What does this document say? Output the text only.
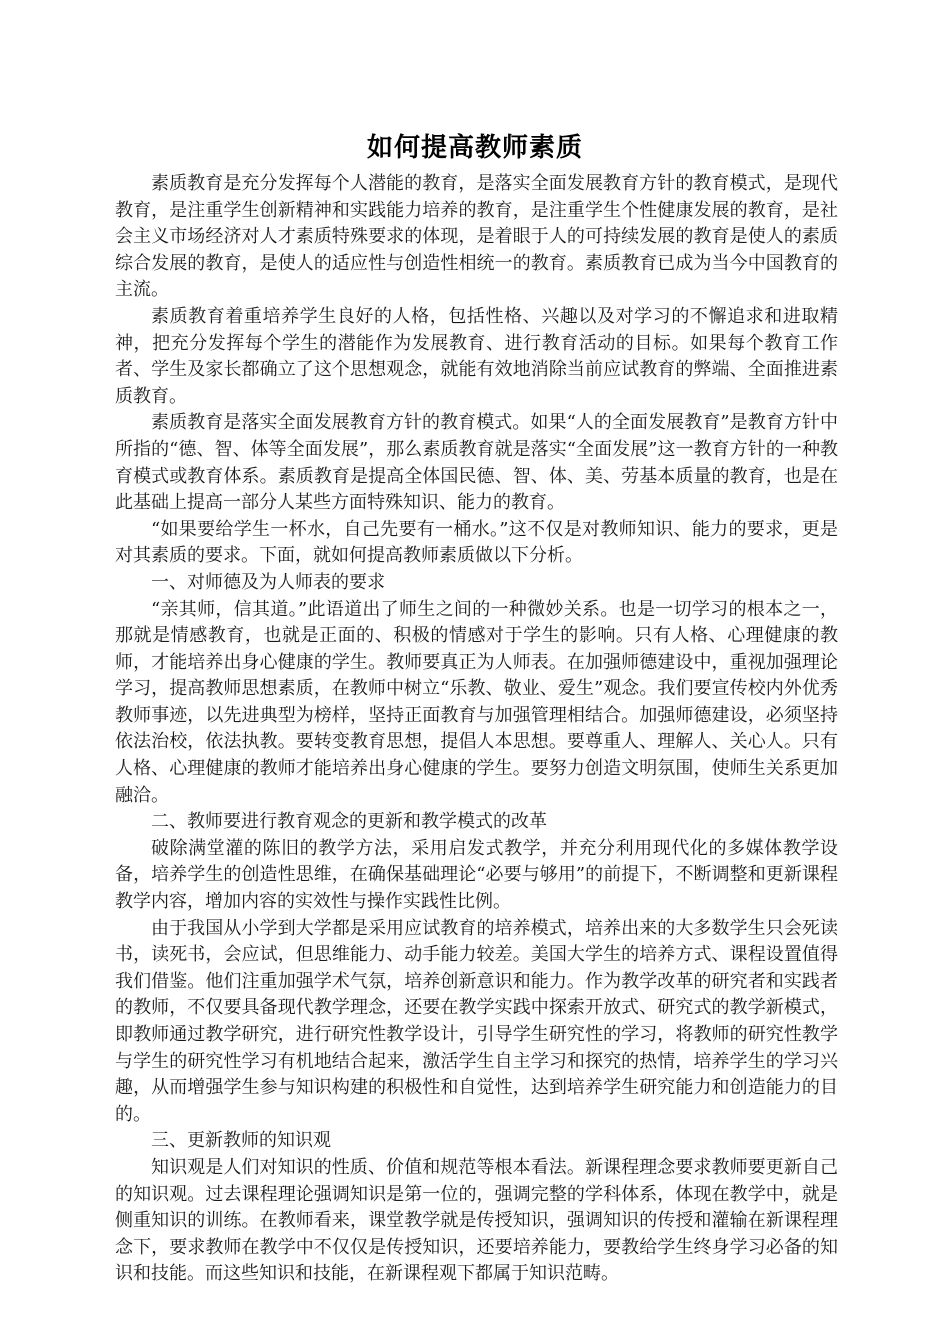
如何提高教师素质

素质教育是充分发挥每个人潜能的教育，是落实全面发展教育方针的教育模式，是现代教育，是注重学生创新精神和实践能力培养的教育，是注重学生个性健康发展的教育，是社会主义市场经济对人才素质特殊要求的体现，是着眼于人的可持续发展的教育是使人的素质综合发展的教育，是使人的适应性与创造性相统一的教育。素质教育已成为当今中国教育的主流。

素质教育着重培养学生良好的人格，包括性格、兴趣以及对学习的不懈追求和进取精神，把充分发挥每个学生的潜能作为发展教育、进行教育活动的目标。如果每个教育工作者、学生及家长都确立了这个思想观念，就能有效地消除当前应试教育的弊端、全面推进素质教育。

素质教育是落实全面发展教育方针的教育模式。如果“人的全面发展教育”是教育方针中所指的“德、智、体等全面发展”，那么素质教育就是落实“全面发展”这一教育方针的一种教育模式或教育体系。素质教育是提高全体国民德、智、体、美、劳基本质量的教育，也是在此基础上提高一部分人某些方面特殊知识、能力的教育。

“如果要给学生一杯水，自己先要有一桶水。”这不仅是对教师知识、能力的要求，更是对其素质的要求。下面，就如何提高教师素质做以下分析。

一、对师德及为人师表的要求

“亲其师，信其道。”此语道出了师生之间的一种微妙关系。也是一切学习的根本之一，那就是情感教育，也就是正面的、积极的情感对于学生的影响。只有人格、心理健康的教师，才能培养出身心健康的学生。教师要真正为人师表。在加强师德建设中，重视加强理论学习，提高教师思想素质，在教师中树立“乐教、敬业、爱生”观念。我们要宣传校内外优秀教师事迹，以先进典型为榜样，坚持正面教育与加强管理相结合。加强师德建设，必须坚持依法治校，依法执教。要转变教育思想，提倡人本思想。要尊重人、理解人、关心人。只有人格、心理健康的教师才能培养出身心健康的学生。要努力创造文明氛围，使师生关系更加融洽。

二、教师要进行教育观念的更新和教学模式的改革

破除满堂灌的陈旧的教学方法，采用启发式教学，并充分利用现代化的多媒体教学设备，培养学生的创造性思维，在确保基础理论“必要与够用”的前提下，不断调整和更新课程教学内容，增加内容的实效性与操作实践性比例。

由于我国从小学到大学都是采用应试教育的培养模式，培养出来的大多数学生只会死读书，读死书，会应试，但思维能力、动手能力较差。美国大学生的培养方式、课程设置值得我们借鉴。他们注重加强学术气氛，培养创新意识和能力。作为教学改革的研究者和实践者的教师，不仅要具备现代教学理念，还要在教学实践中探索开放式、研究式的教学新模式，即教师通过教学研究，进行研究性教学设计，引导学生研究性的学习，将教师的研究性教学与学生的研究性学习有机地结合起来，激活学生自主学习和探究的热情，培养学生的学习兴趣，从而增强学生参与知识构建的积极性和自觉性，达到培养学生研究能力和创造能力的目的。

三、更新教师的知识观

知识观是人们对知识的性质、价值和规范等根本看法。新课程理念要求教师要更新自己的知识观。过去课程理论强调知识是第一位的，强调完整的学科体系，体现在教学中，就是侧重知识的训练。在教师看来，课堂教学就是传授知识，强调知识的传授和灌输在新课程理念下，要求教师在教学中不仅仅是传授知识，还要培养能力，要教给学生终身学习必备的知识和技能。而这些知识和技能，在新课程观下都属于知识范畴。
